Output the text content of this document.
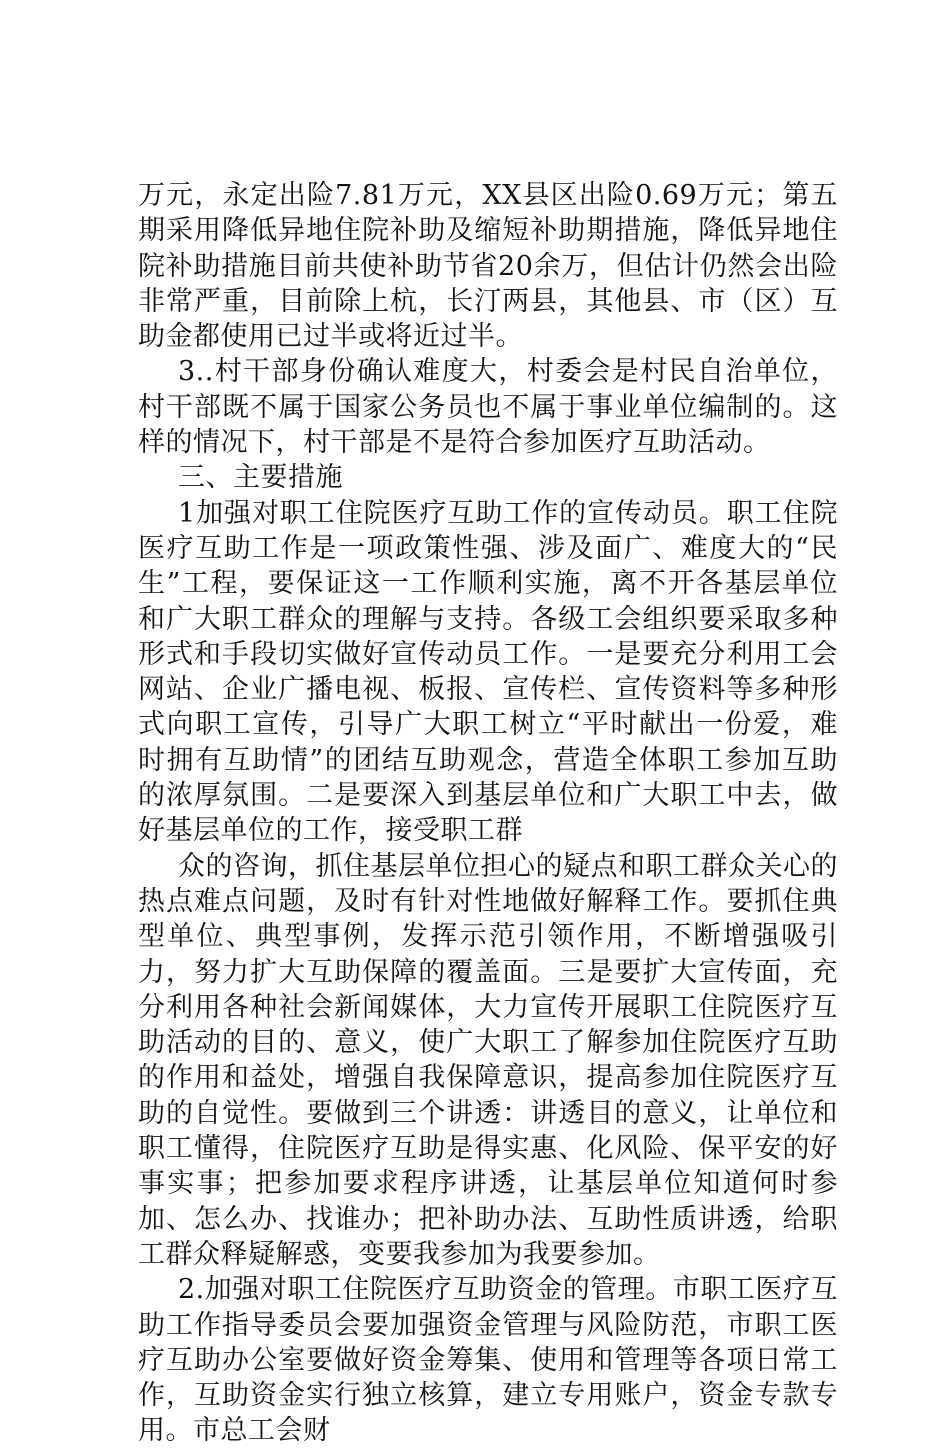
万元，永定出险7.81万元，XX县区出险0.69万元；第五期采用降低异地住院补助及缩短补助期措施，降低异地住院补助措施目前共使补助节省20余万，但估计仍然会出险非常严重，目前除上杭，长汀两县，其他县、市（区）互助金都使用已过半或将近过半。

3..村干部身份确认难度大，村委会是村民自治单位，村干部既不属于国家公务员也不属于事业单位编制的。这样的情况下，村干部是不是符合参加医疗互助活动。

三、主要措施

1加强对职工住院医疗互助工作的宣传动员。职工住院医疗互助工作是一项政策性强、涉及面广、难度大的“民生”工程，要保证这一工作顺利实施，离不开各基层单位和广大职工群众的理解与支持。各级工会组织要采取多种形式和手段切实做好宣传动员工作。一是要充分利用工会网站、企业广播电视、板报、宣传栏、宣传资料等多种形式向职工宣传，引导广大职工树立“平时献出一份爱，难时拥有互助情”的团结互助观念，营造全体职工参加互助的浓厚氛围。二是要深入到基层单位和广大职工中去，做好基层单位的工作，接受职工群

众的咨询，抓住基层单位担心的疑点和职工群众关心的热点难点问题，及时有针对性地做好解释工作。要抓住典型单位、典型事例，发挥示范引领作用，不断增强吸引力，努力扩大互助保障的覆盖面。三是要扩大宣传面，充分利用各种社会新闻媒体，大力宣传开展职工住院医疗互助活动的目的、意义，使广大职工了解参加住院医疗互助的作用和益处，增强自我保障意识，提高参加住院医疗互助的自觉性。要做到三个讲透：讲透目的意义，让单位和职工懂得，住院医疗互助是得实惠、化风险、保平安的好事实事；把参加要求程序讲透，让基层单位知道何时参加、怎么办、找谁办；把补助办法、互助性质讲透，给职工群众释疑解惑，变要我参加为我要参加。

2.加强对职工住院医疗互助资金的管理。市职工医疗互助工作指导委员会要加强资金管理与风险防范，市职工医疗互助办公室要做好资金筹集、使用和管理等各项日常工作，互助资金实行独立核算，建立专用账户，资金专款专用。市总工会财
